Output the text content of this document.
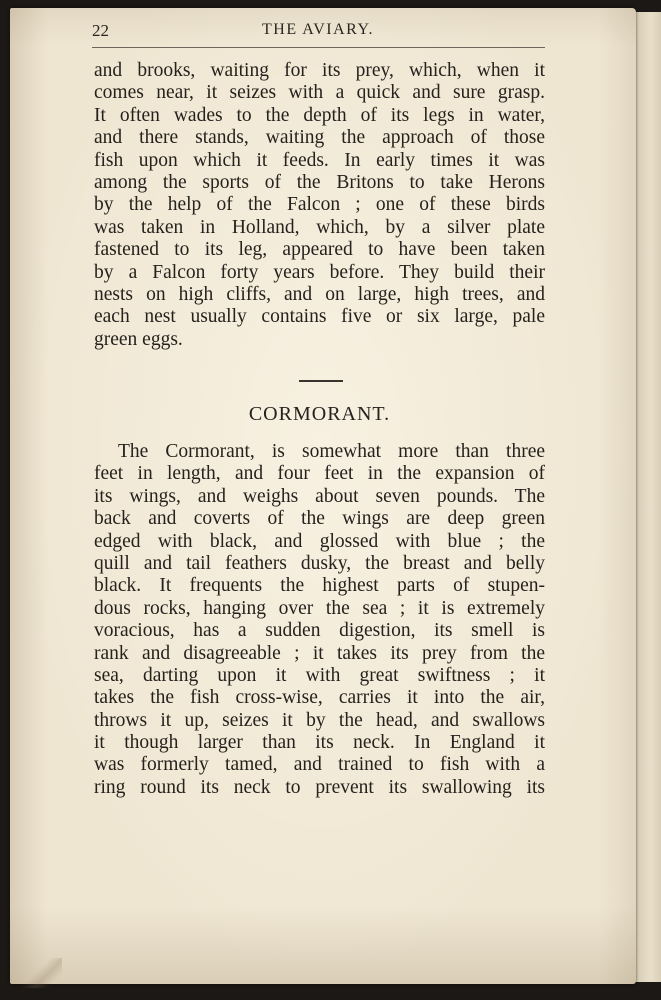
22	THE AVIARY.
and brooks, waiting for its prey, which, when it
comes near, it seizes with a quick and sure grasp.
It often wades to the depth of its legs in water,
and there stands, waiting the approach of those
fish upon which it feeds. In early times it was
among the sports of the Britons to take Herons
by the help of the Falcon ; one of these birds
was taken in Holland, which, by a silver plate
fastened to its leg, appeared to have been taken
by a Falcon forty years before. They build their
nests on high cliffs, and on large, high trees, and
each nest usually contains five or six large, pale
green eggs.
CORMORANT.
The Cormorant, is somewhat more than three
feet in length, and four feet in the expansion of
its wings, and weighs about seven pounds. The
back and coverts of the wings are deep green
edged with black, and glossed with blue ; the
quill and tail feathers dusky, the breast and belly
black. It frequents the highest parts of stupen-
dous rocks, hanging over the sea ; it is extremely
voracious, has a sudden digestion, its smell is
rank and disagreeable ; it takes its prey from the
sea, darting upon it with great swiftness ; it
takes the fish cross-wise, carries it into the air,
throws it up, seizes it by the head, and swallows
it though larger than its neck. In England it
was formerly tamed, and trained to fish with a
ring round its neck to prevent its swallowing its
